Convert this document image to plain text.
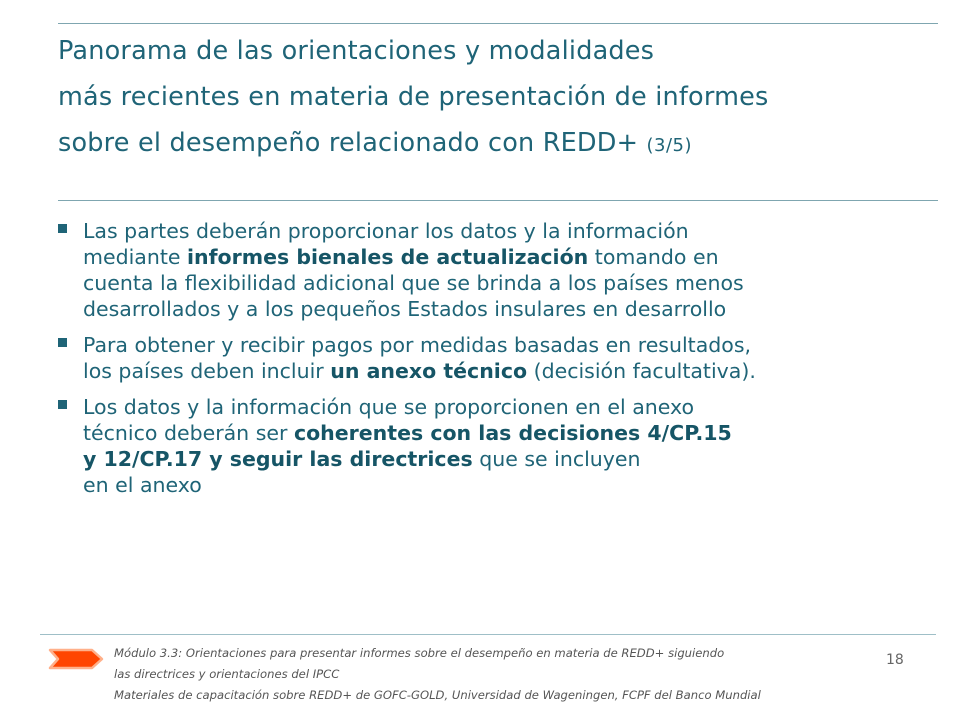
Panorama de las orientaciones y modalidades
más recientes en materia de presentación de informes
sobre el desempeño relacionado con REDD+ (3/5)
Las partes deberán proporcionar los datos y la información
mediante informes bienales de actualización tomando en
cuenta la flexibilidad adicional que se brinda a los países menos
desarrollados y a los pequeños Estados insulares en desarrollo
Para obtener y recibir pagos por medidas basadas en resultados,
los países deben incluir un anexo técnico (decisión facultativa).
Los datos y la información que se proporcionen en el anexo
técnico deberán ser coherentes con las decisiones 4/CP.15
y 12/CP.17 y seguir las directrices que se incluyen
en el anexo
Módulo 3.3: Orientaciones para presentar informes sobre el desempeño en materia de REDD+ siguiendo
las directrices y orientaciones del IPCC
Materiales de capacitación sobre REDD+ de GOFC-GOLD, Universidad de Wageningen, FCPF del Banco Mundial
18
